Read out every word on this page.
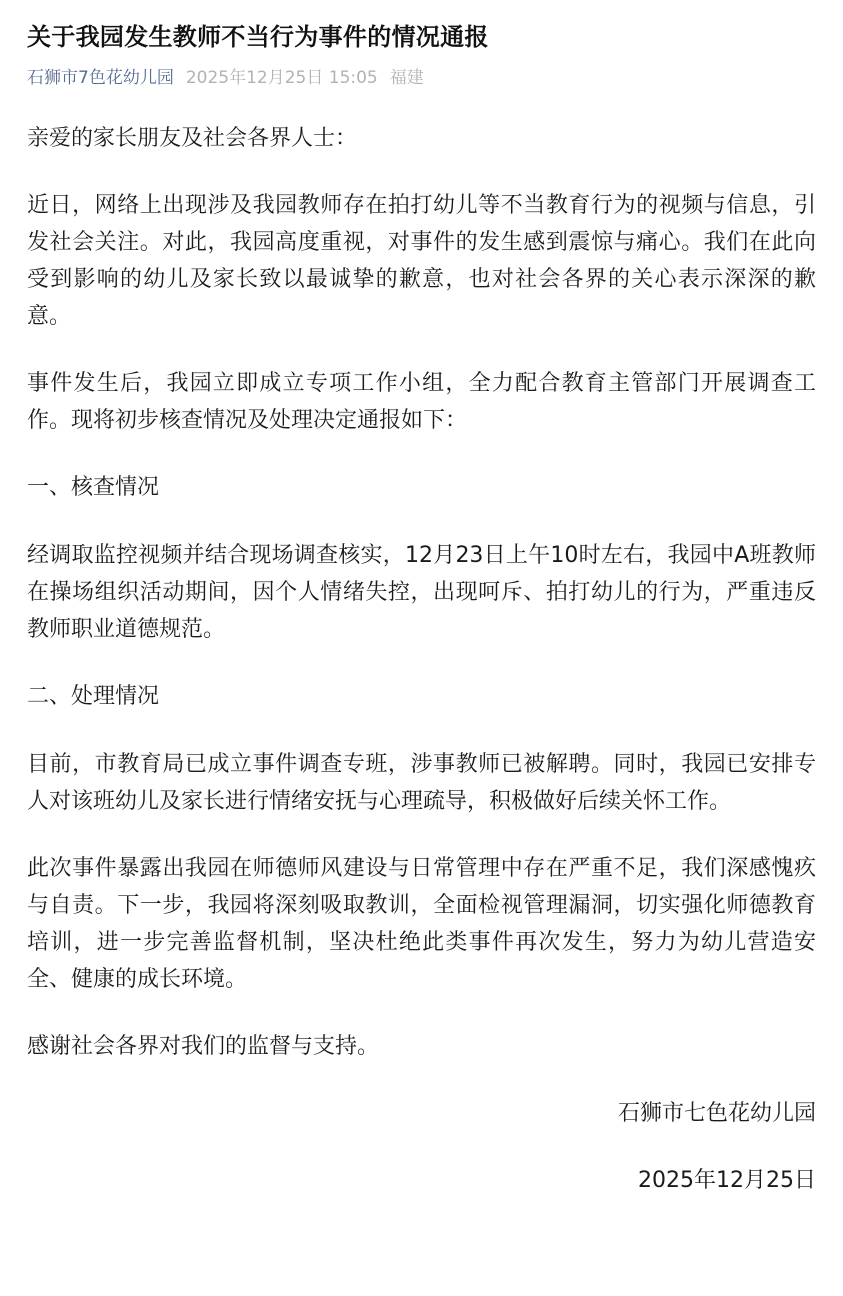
关于我园发生教师不当行为事件的情况通报
石狮市7色花幼儿园 2025年12月25日 15:05 福建

亲爱的家长朋友及社会各界人士：

近日，网络上出现涉及我园教师存在拍打幼儿等不当教育行为的视频与信息，引发社会关注。对此，我园高度重视，对事件的发生感到震惊与痛心。我们在此向受到影响的幼儿及家长致以最诚挚的歉意，也对社会各界的关心表示深深的歉意。

事件发生后，我园立即成立专项工作小组，全力配合教育主管部门开展调查工作。现将初步核查情况及处理决定通报如下：

一、核查情况

经调取监控视频并结合现场调查核实，12月23日上午10时左右，我园中A班教师在操场组织活动期间，因个人情绪失控，出现呵斥、拍打幼儿的行为，严重违反教师职业道德规范。

二、处理情况

目前，市教育局已成立事件调查专班，涉事教师已被解聘。同时，我园已安排专人对该班幼儿及家长进行情绪安抚与心理疏导，积极做好后续关怀工作。

此次事件暴露出我园在师德师风建设与日常管理中存在严重不足，我们深感愧疚与自责。下一步，我园将深刻吸取教训，全面检视管理漏洞，切实强化师德教育培训，进一步完善监督机制，坚决杜绝此类事件再次发生，努力为幼儿营造安全、健康的成长环境。

感谢社会各界对我们的监督与支持。

石狮市七色花幼儿园

2025年12月25日
